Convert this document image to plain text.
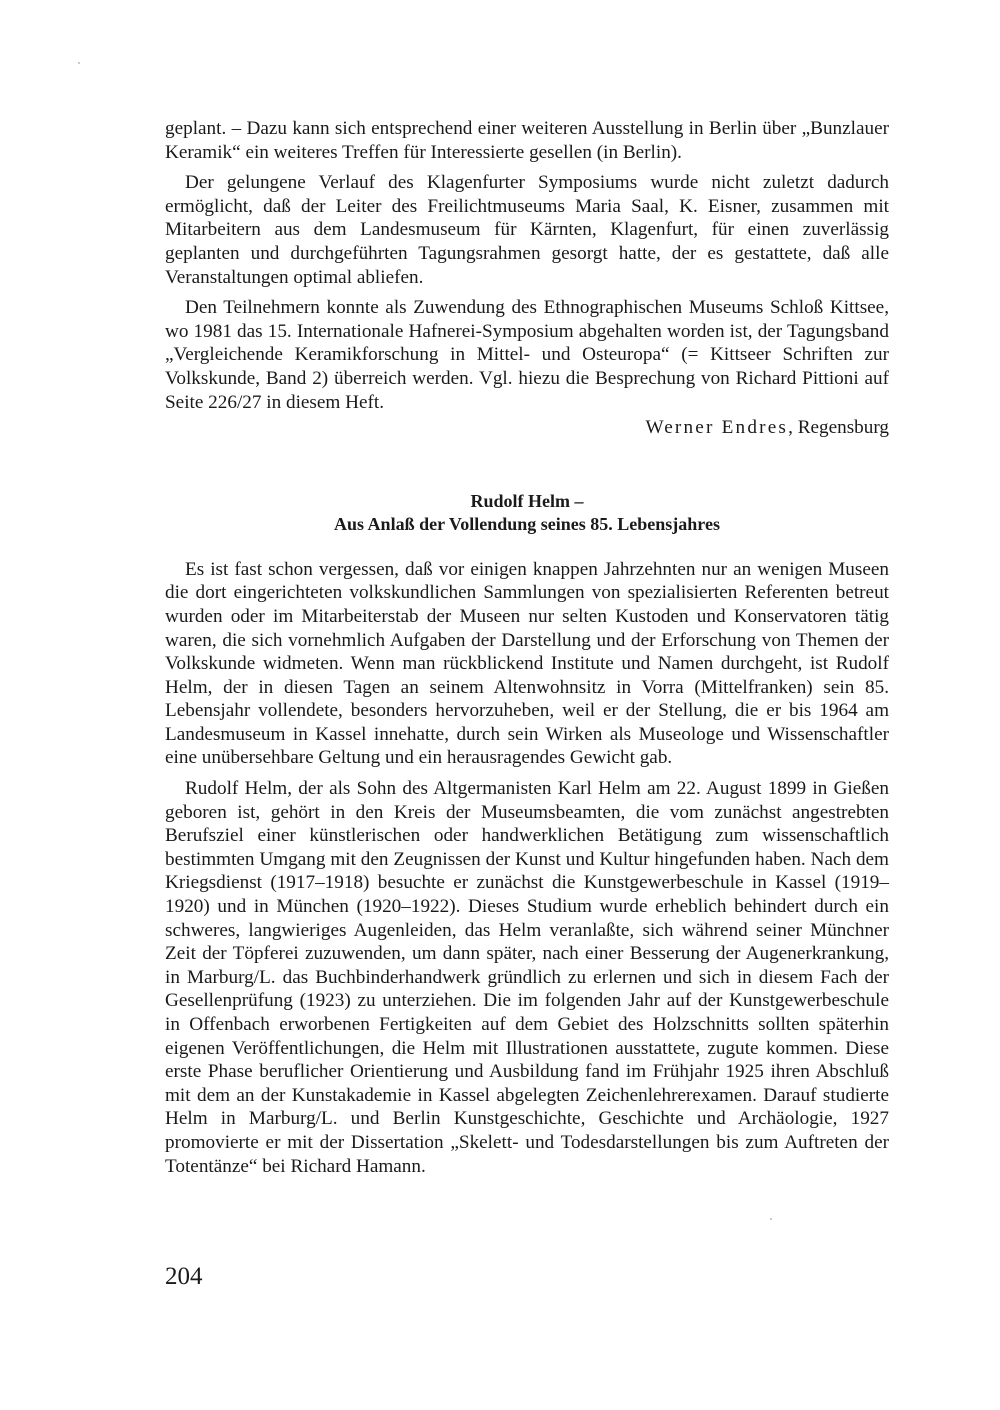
geplant. – Dazu kann sich entsprechend einer weiteren Ausstellung in Berlin über „Bunzlauer Keramik“ ein weiteres Treffen für Interessierte gesellen (in Berlin).

Der gelungene Verlauf des Klagenfurter Symposiums wurde nicht zuletzt dadurch ermöglicht, daß der Leiter des Freilichtmuseums Maria Saal, K. Eisner, zusammen mit Mitarbeitern aus dem Landesmuseum für Kärnten, Klagenfurt, für einen zuverlässig geplanten und durchgeführten Tagungsrahmen gesorgt hatte, der es gestattete, daß alle Veranstaltungen optimal abliefen.

Den Teilnehmern konnte als Zuwendung des Ethnographischen Museums Schloß Kittsee, wo 1981 das 15. Internationale Hafnerei-Symposium abgehalten worden ist, der Tagungsband „Vergleichende Keramikforschung in Mittel- und Osteuropa“ (= Kittseer Schriften zur Volkskunde, Band 2) überreich werden. Vgl. hiezu die Besprechung von Richard Pittioni auf Seite 226/27 in diesem Heft.

Werner Endres, Regensburg

Rudolf Helm –
Aus Anlaß der Vollendung seines 85. Lebensjahres

Es ist fast schon vergessen, daß vor einigen knappen Jahrzehnten nur an wenigen Museen die dort eingerichteten volkskundlichen Sammlungen von spezialisierten Referenten betreut wurden oder im Mitarbeiterstab der Museen nur selten Kustoden und Konservatoren tätig waren, die sich vornehmlich Aufgaben der Darstellung und der Erforschung von Themen der Volkskunde widmeten. Wenn man rückblickend Institute und Namen durchgeht, ist Rudolf Helm, der in diesen Tagen an seinem Altenwohnsitz in Vorra (Mittelfranken) sein 85. Lebensjahr vollendete, besonders hervorzuheben, weil er der Stellung, die er bis 1964 am Landesmuseum in Kassel innehatte, durch sein Wirken als Museologe und Wissenschaftler eine unübersehbare Geltung und ein herausragendes Gewicht gab.

Rudolf Helm, der als Sohn des Altgermanisten Karl Helm am 22. August 1899 in Gießen geboren ist, gehört in den Kreis der Museumsbeamten, die vom zunächst angestrebten Berufsziel einer künstlerischen oder handwerklichen Betätigung zum wissenschaftlich bestimmten Umgang mit den Zeugnissen der Kunst und Kultur hingefunden haben. Nach dem Kriegsdienst (1917–1918) besuchte er zunächst die Kunstgewerbeschule in Kassel (1919–1920) und in München (1920–1922). Dieses Studium wurde erheblich behindert durch ein schweres, langwieriges Augenleiden, das Helm veranlaßte, sich während seiner Münchner Zeit der Töpferei zuzuwenden, um dann später, nach einer Besserung der Augenerkrankung, in Marburg/L. das Buchbinderhandwerk gründlich zu erlernen und sich in diesem Fach der Gesellenprüfung (1923) zu unterziehen. Die im folgenden Jahr auf der Kunstgewerbeschule in Offenbach erworbenen Fertigkeiten auf dem Gebiet des Holzschnitts sollten späterhin eigenen Veröffentlichungen, die Helm mit Illustrationen ausstattete, zugute kommen. Diese erste Phase beruflicher Orientierung und Ausbildung fand im Frühjahr 1925 ihren Abschluß mit dem an der Kunstakademie in Kassel abgelegten Zeichenlehrerexamen. Darauf studierte Helm in Marburg/L. und Berlin Kunstgeschichte, Geschichte und Archäologie, 1927 promovierte er mit der Dissertation „Skelett- und Todesdarstellungen bis zum Auftreten der Totentänze“ bei Richard Hamann.

204
